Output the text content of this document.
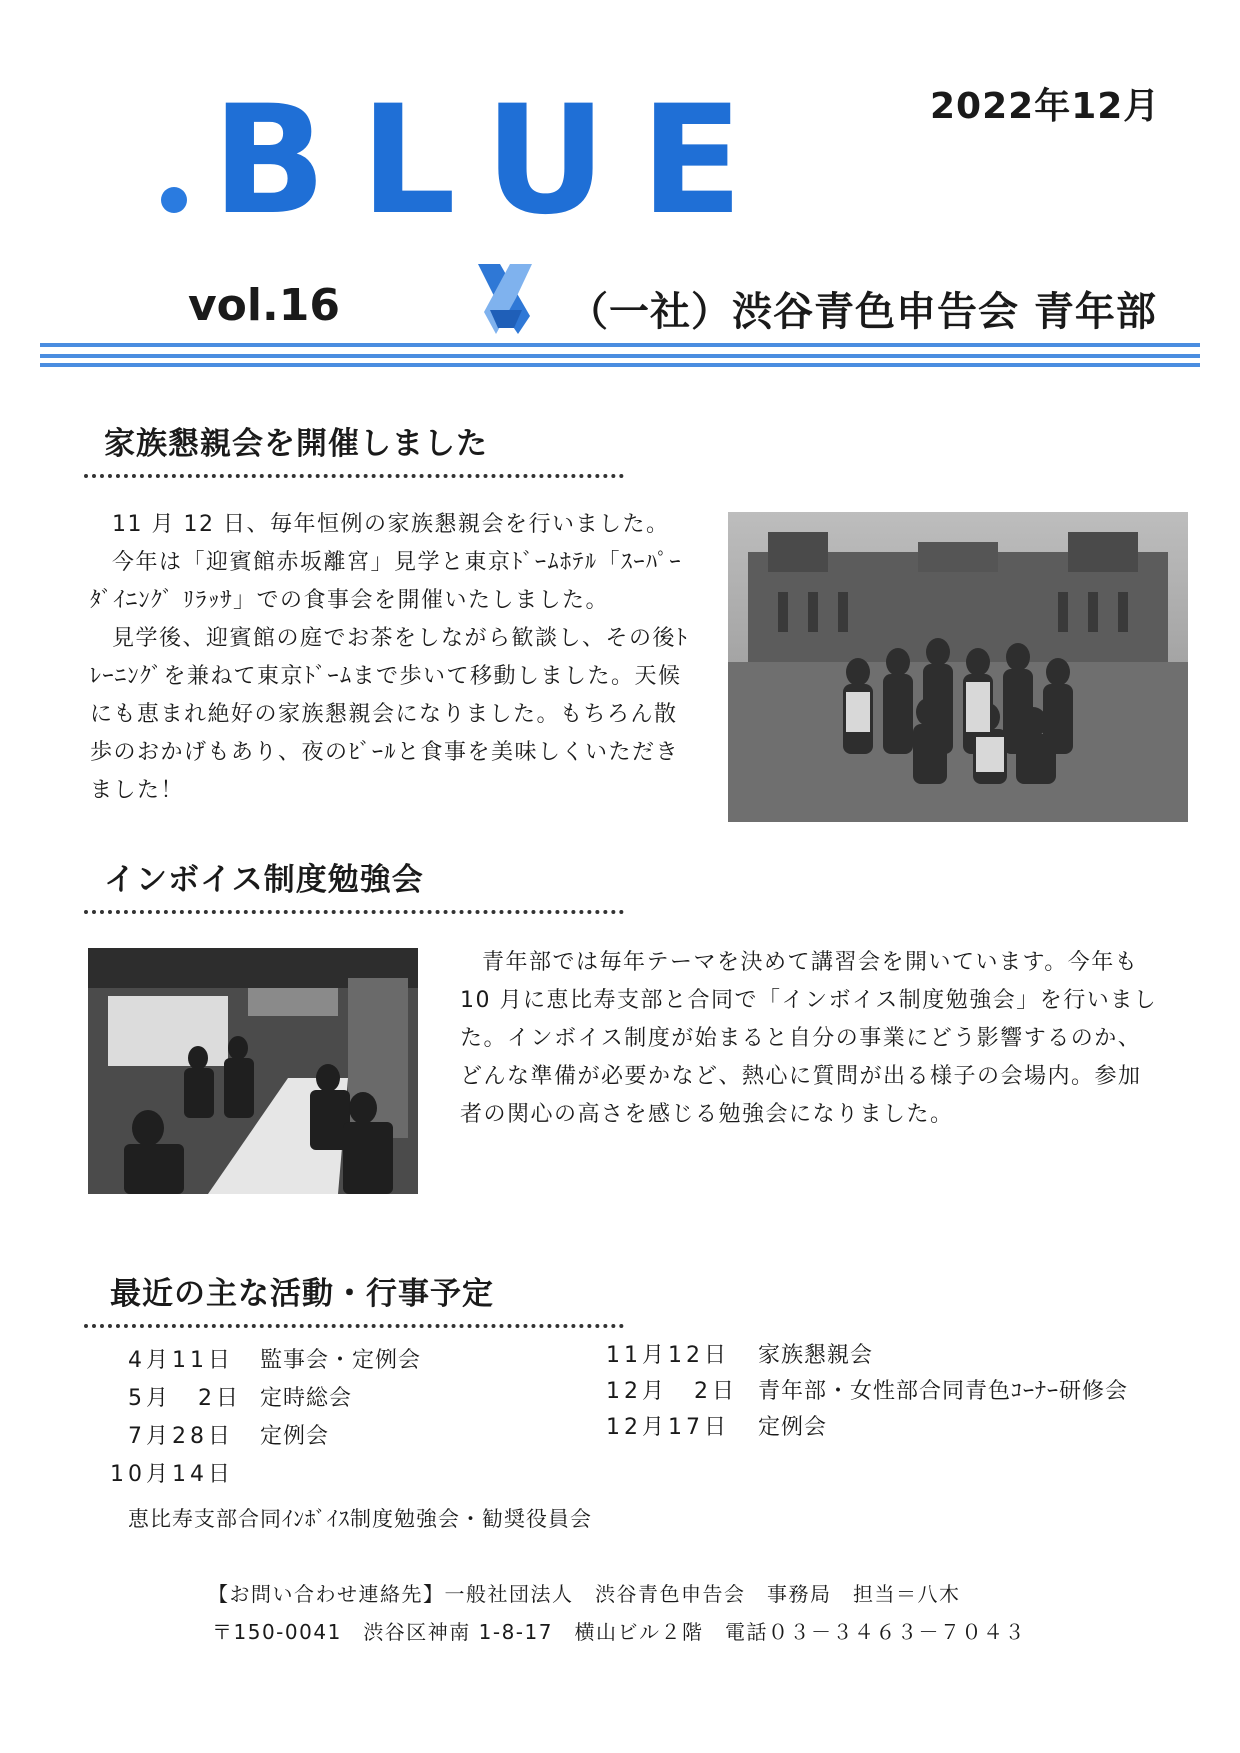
BLUE	2022年12月
vol.16	（一社）渋谷青色申告会 青年部
家族懇親会を開催しました

11 月 12 日、毎年恒例の家族懇親会を行いました。

今年は「迎賓館赤坂離宮」見学と東京ﾄﾞｰﾑﾎﾃﾙ「ｽｰﾊﾟｰﾀﾞｲﾆﾝｸﾞ ﾘﾗｯｻ」での食事会を開催いたしました。

見学後、迎賓館の庭でお茶をしながら歓談し、その後ﾄﾚｰﾆﾝｸﾞを兼ねて東京ﾄﾞｰﾑまで歩いて移動しました。天候にも恵まれ絶好の家族懇親会になりました。もちろん散歩のおかげもあり、夜のﾋﾞｰﾙと食事を美味しくいただきました！

インボイス制度勉強会

青年部では毎年テーマを決めて講習会を開いています。今年も 10 月に恵比寿支部と合同で「インボイス制度勉強会」を行いました。インボイス制度が始まると自分の事業にどう影響するのか、どんな準備が必要かなど、熱心に質問が出る様子の会場内。参加者の関心の高さを感じる勉強会になりました。

最近の主な活動・行事予定
4月11日 監事会・定例会
5月　2日 定時総会
7月28日 定例会
10月14日
恵比寿支部合同ｲﾝﾎﾞｲｽ制度勉強会・勧奨役員会
11月12日 家族懇親会
12月　2日 青年部・女性部合同青色ｺｰﾅｰ研修会
12月17日 定例会
【お問い合わせ連絡先】一般社団法人　渋谷青色申告会　事務局　担当＝八木
〒150-0041　渋谷区神南 1-8-17　横山ビル２階　電話０３－３４６３－７０４３
